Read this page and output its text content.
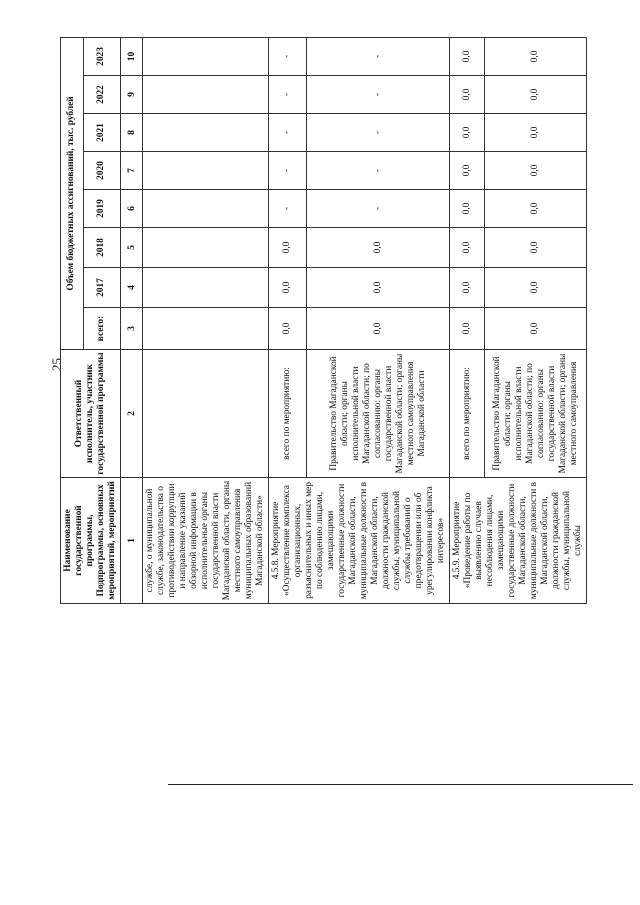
25
Наименование государственной программы, Подпрограммы, основных мероприятий, мероприятий	Ответственный исполнитель, участник государственной программы	Объем бюджетных ассигнований, тыс. рублей							
		всего:	2017	2018	2019	2020	2021	2022	2023
1	2	3	4	5	6	7	8	9	10
службе, о муниципальной службе, законодательства о противодействии коррупции и направление указаний обзорной информации в исполнительные органы государственной власти Магаданской области, органы местного самоуправления муниципальных образований Магаданской области»									
4.5.8. Мероприятие «Осуществление комплекса организационных, разъяснительных и иных мер по соблюдению лицами, замещающими государственные должности Магаданской области, муниципальные должности в Магаданской области, должности гражданской службы, муниципальной службы требований о предотвращении или об урегулировании конфликта интересов»	всего по мероприятию:	0,0	0,0	0,0	-	-	-	-	-
	Правительство Магаданской области; органы исполнительной власти Магаданской области; по согласованию: органы государственной власти Магаданской области; органы местного самоуправления Магаданской области	0,0	0,0	0,0	-	-	-	-	-
4.5.9. Мероприятие «Проведение работы по выявлению случаев несоблюдения лицами, замещающими государственные должности Магаданской области, муниципальные должности в Магаданской области, должности гражданской службы, муниципальной службы	всего по мероприятию:	0,0	0,0	0,0	0,0	0,0	0,0	0,0	0,0
	Правительство Магаданской области; органы исполнительной власти Магаданской области; по согласованию: органы государственной власти Магаданской области; органы местного самоуправления	0,0	0,0	0,0	0,0	0,0	0,0	0,0	0,0
